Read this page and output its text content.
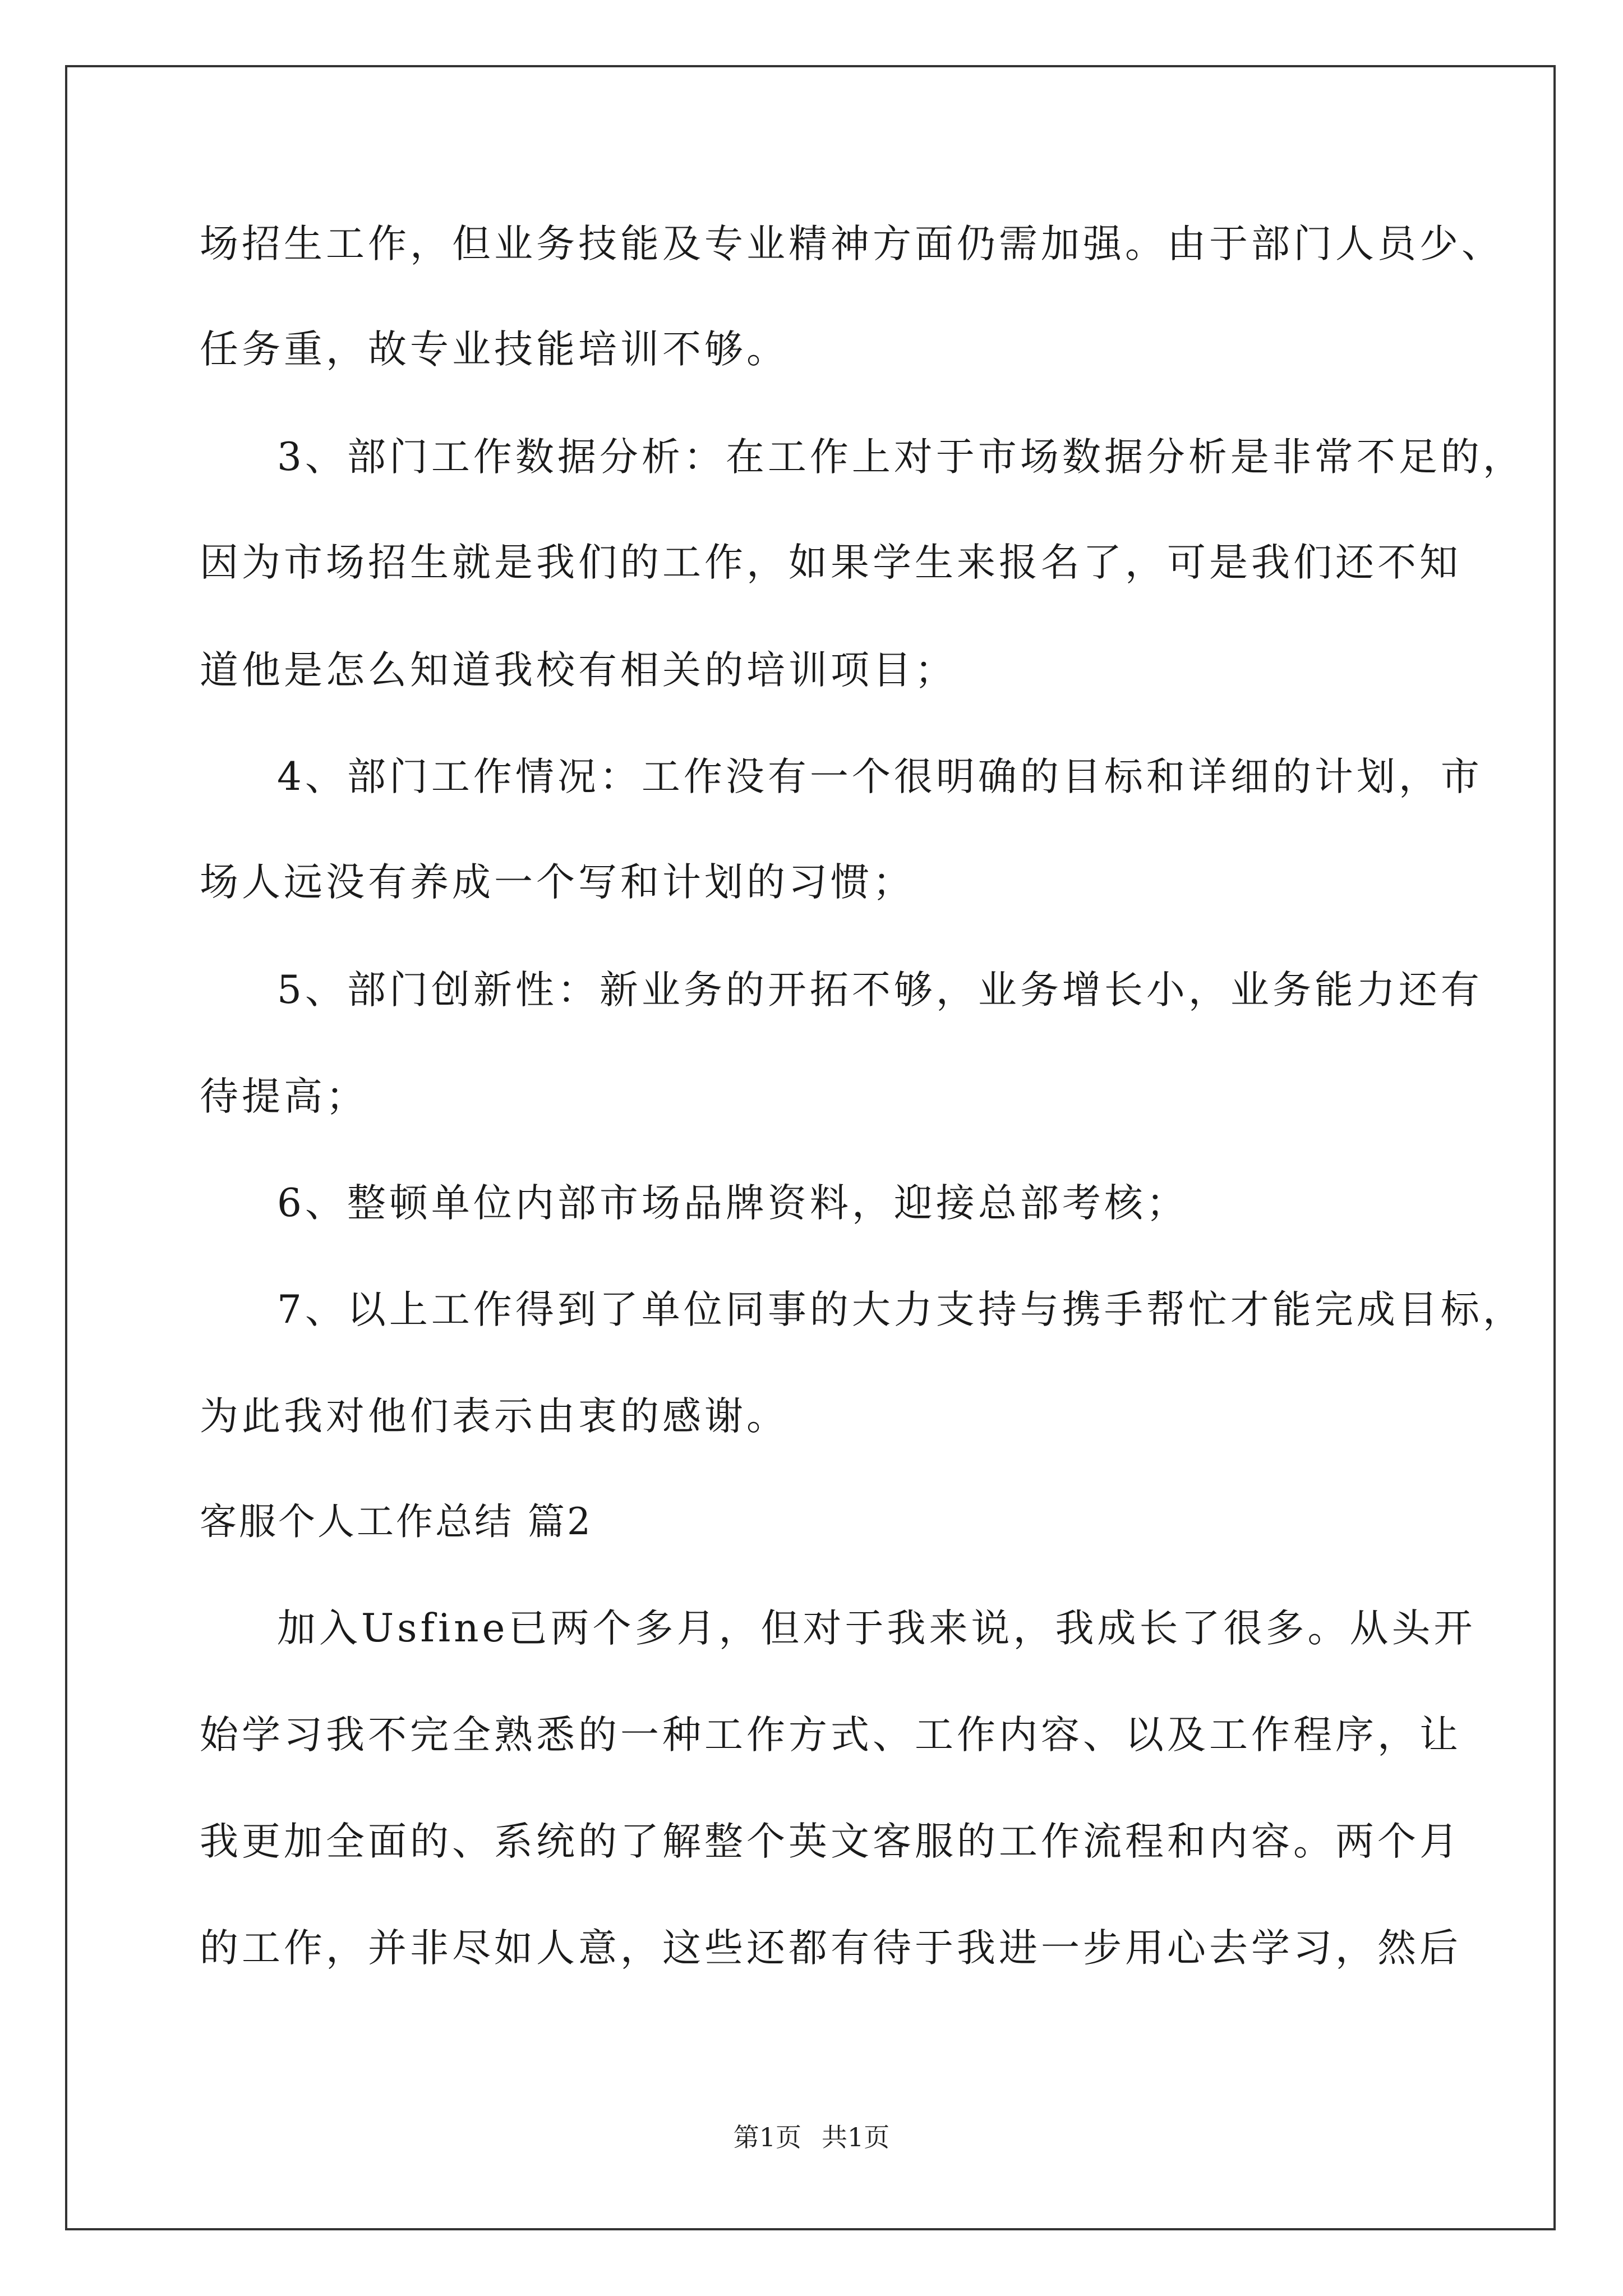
场招生工作，但业务技能及专业精神方面仍需加强。由于部门人员少、
任务重，故专业技能培训不够。
3、部门工作数据分析：在工作上对于市场数据分析是非常不足的，
因为市场招生就是我们的工作，如果学生来报名了，可是我们还不知
道他是怎么知道我校有相关的培训项目；
4、部门工作情况：工作没有一个很明确的目标和详细的计划，市
场人远没有养成一个写和计划的习惯；
5、部门创新性：新业务的开拓不够，业务增长小，业务能力还有
待提高；
6、整顿单位内部市场品牌资料，迎接总部考核；
7、以上工作得到了单位同事的大力支持与携手帮忙才能完成目标，
为此我对他们表示由衷的感谢。
客服个人工作总结 篇2
加入Usfine已两个多月，但对于我来说，我成长了很多。从头开
始学习我不完全熟悉的一种工作方式、工作内容、以及工作程序，让
我更加全面的、系统的了解整个英文客服的工作流程和内容。两个月
的工作，并非尽如人意，这些还都有待于我进一步用心去学习，然后
第1页 共1页
